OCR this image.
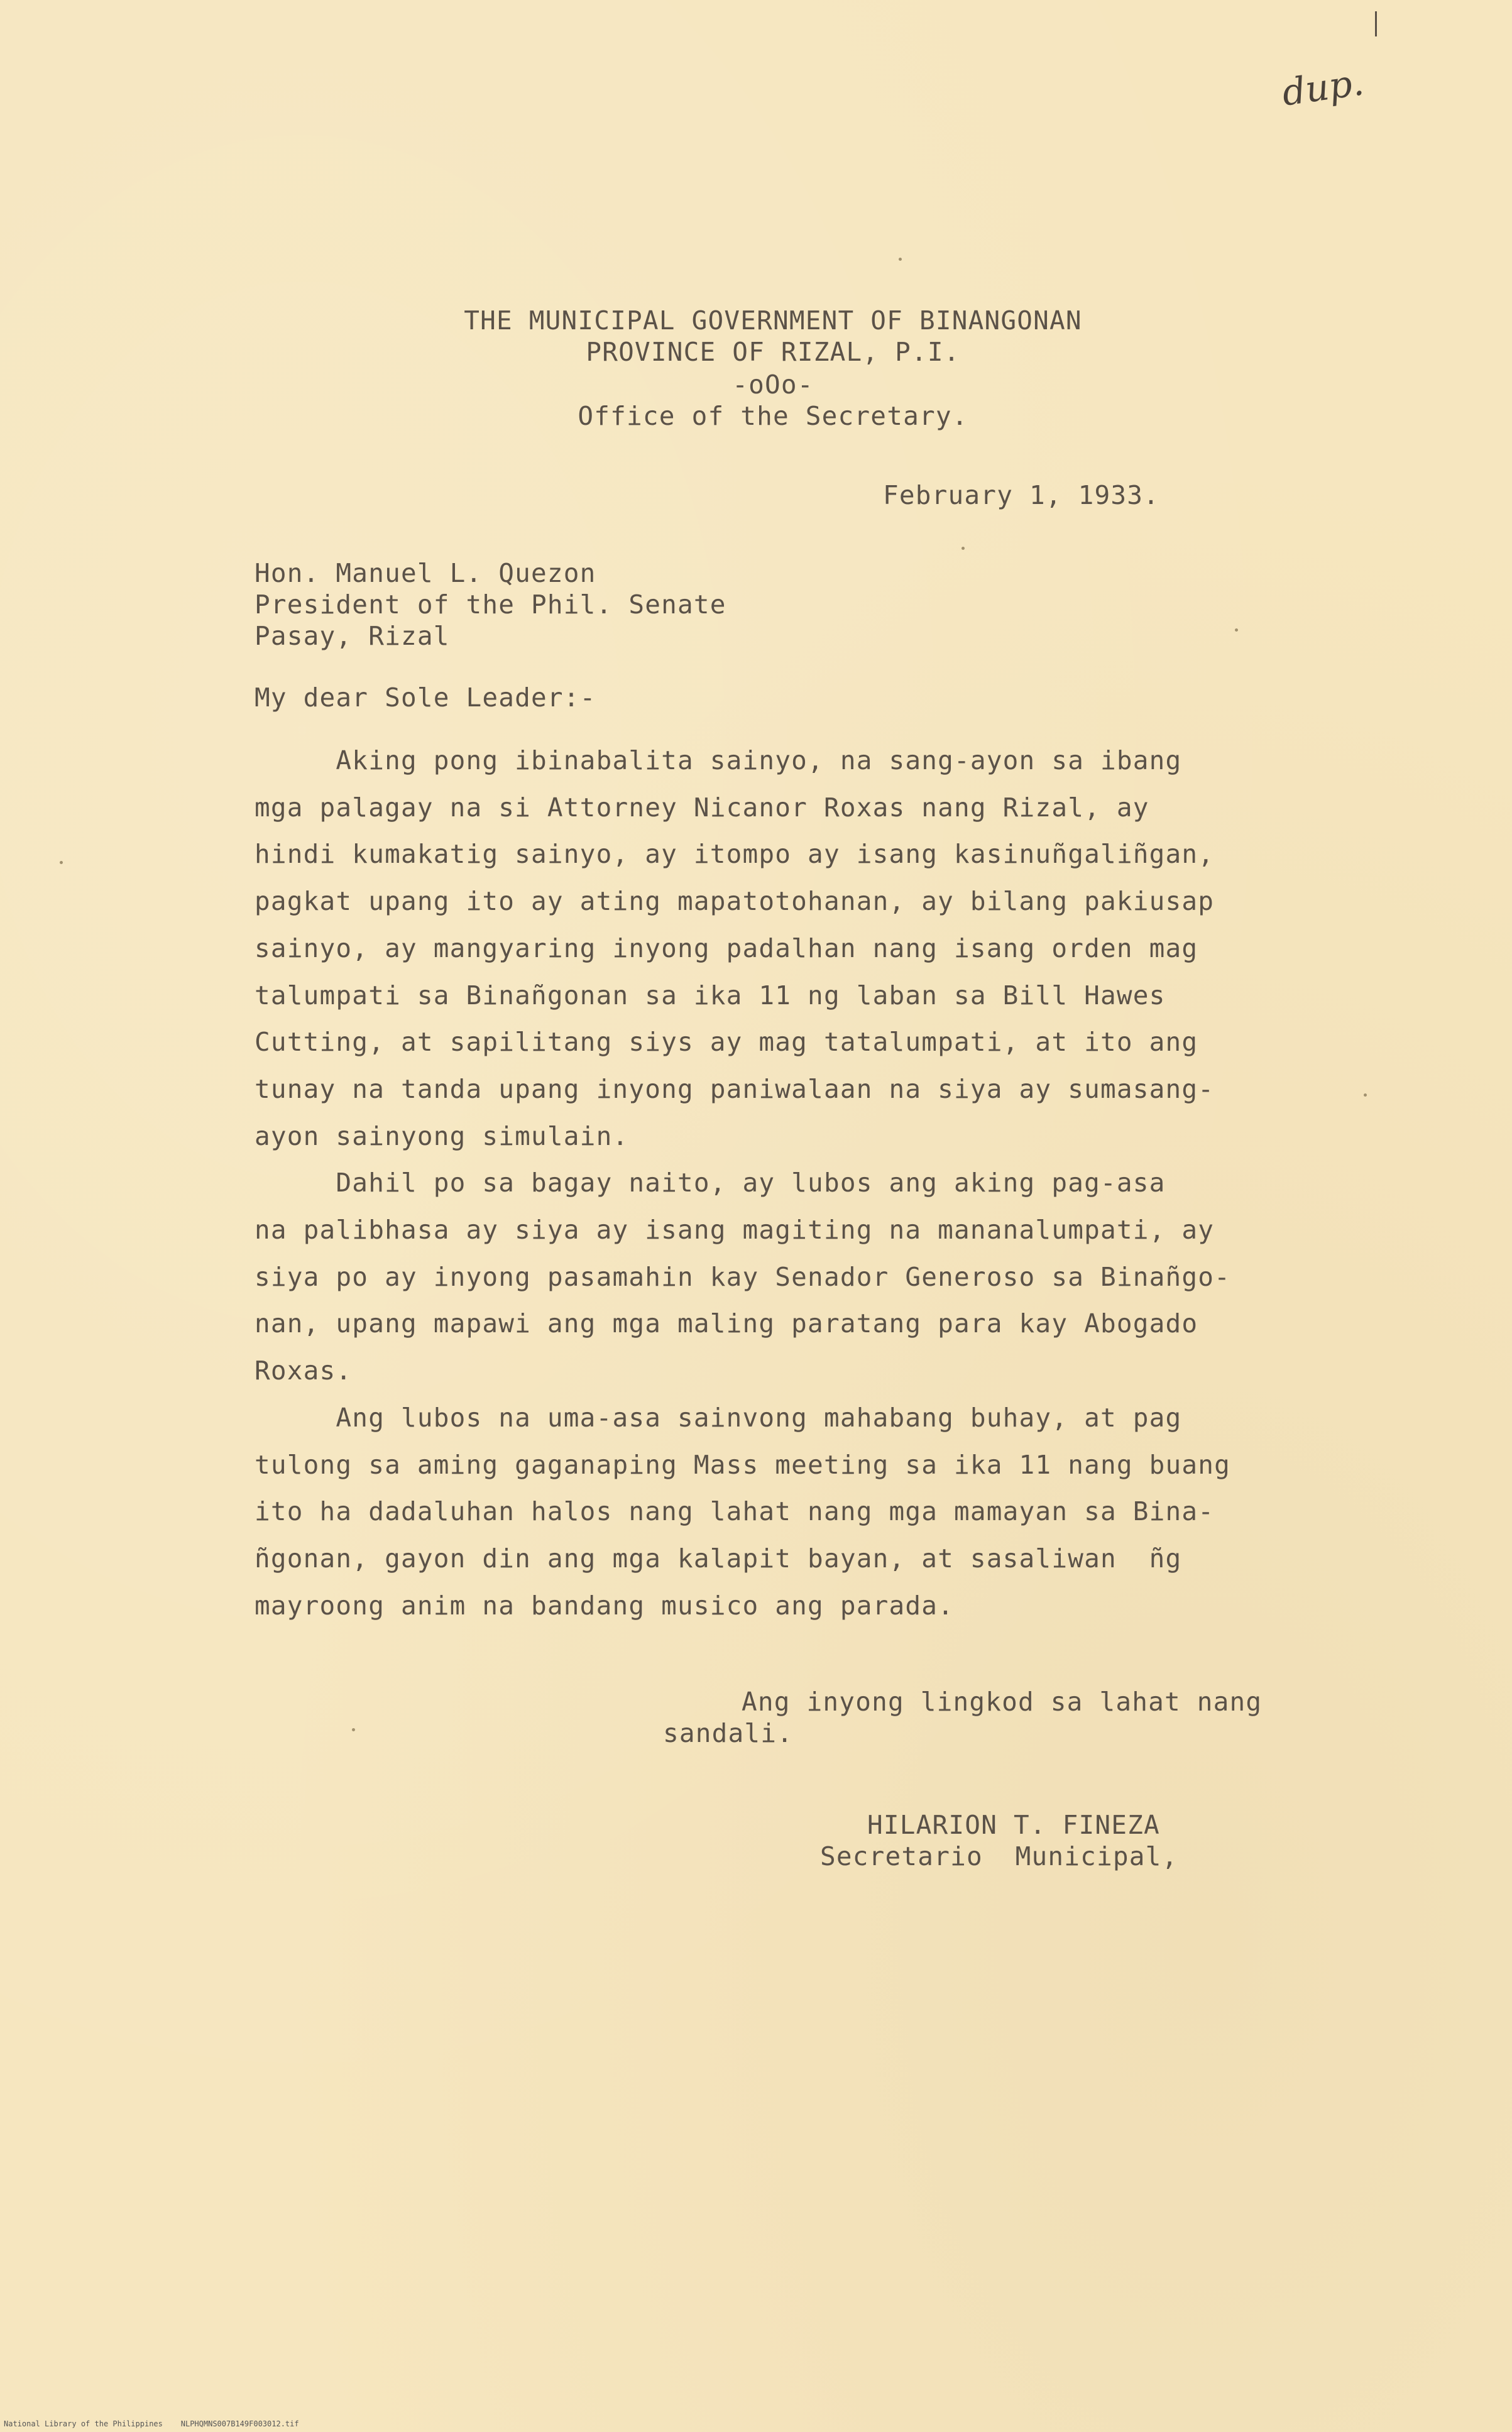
dup.
THE MUNICIPAL GOVERNMENT OF BINANGONAN
PROVINCE OF RIZAL, P.I.
-oOo-
Office of the Secretary.
February 1, 1933.
Hon. Manuel L. Quezon
President of the Phil. Senate
Pasay, Rizal
My dear Sole Leader:-
Aking pong ibinabalita sainyo, na sang-ayon sa ibang
mga palagay na si Attorney Nicanor Roxas nang Rizal, ay
hindi kumakatig sainyo, ay itompo ay isang kasinuñgaliñgan,
pagkat upang ito ay ating mapatotohanan, ay bilang pakiusap
sainyo, ay mangyaring inyong padalhan nang isang orden mag
talumpati sa Binañgonan sa ika 11 ng laban sa Bill Hawes
Cutting, at sapilitang siys ay mag tatalumpati, at ito ang
tunay na tanda upang inyong paniwalaan na siya ay sumasang-
ayon sainyong simulain.
Dahil po sa bagay naito, ay lubos ang aking pag-asa
na palibhasa ay siya ay isang magiting na mananalumpati, ay
siya po ay inyong pasamahin kay Senador Generoso sa Binañgo-
nan, upang mapawi ang mga maling paratang para kay Abogado
Roxas.
Ang lubos na uma-asa sainvong mahabang buhay, at pag
tulong sa aming gaganaping Mass meeting sa ika 11 nang buang
ito ha dadaluhan halos nang lahat nang mga mamayan sa Bina-
ñgonan, gayon din ang mga kalapit bayan, at sasaliwan  ñg
mayroong anim na bandang musico ang parada.
Ang inyong lingkod sa lahat nang
sandali.
HILARION T. FINEZA
Secretario  Municipal,
National Library of the Philippines    NLPHQMNS007B149F003012.tif
